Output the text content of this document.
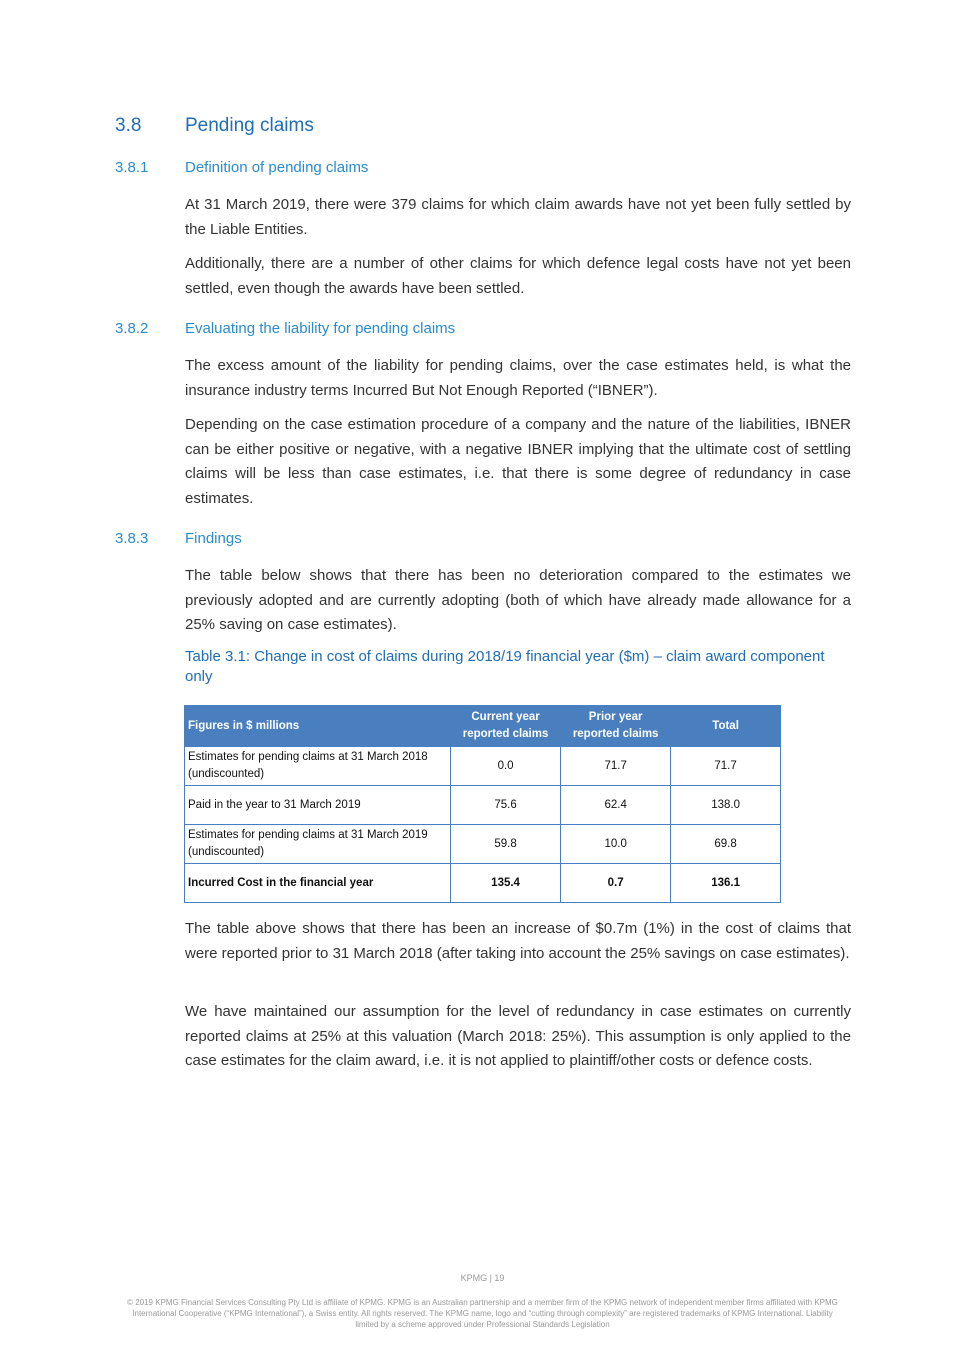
3.8 Pending claims
3.8.1 Definition of pending claims

At 31 March 2019, there were 379 claims for which claim awards have not yet been fully settled by the Liable Entities.

Additionally, there are a number of other claims for which defence legal costs have not yet been settled, even though the awards have been settled.

3.8.2 Evaluating the liability for pending claims

The excess amount of the liability for pending claims, over the case estimates held, is what the insurance industry terms Incurred But Not Enough Reported (“IBNER”).

Depending on the case estimation procedure of a company and the nature of the liabilities, IBNER can be either positive or negative, with a negative IBNER implying that the ultimate cost of settling claims will be less than case estimates, i.e. that there is some degree of redundancy in case estimates.

3.8.3 Findings

The table below shows that there has been no deterioration compared to the estimates we previously adopted and are currently adopting (both of which have already made allowance for a 25% saving on case estimates).

Table 3.1: Change in cost of claims during 2018/19 financial year ($m) – claim award component only
Figures in $ millions	Current year reported claims	Prior year reported claims	Total
Estimates for pending claims at 31 March 2018 (undiscounted)	0.0	71.7	71.7
Paid in the year to 31 March 2019	75.6	62.4	138.0
Estimates for pending claims at 31 March 2019 (undiscounted)	59.8	10.0	69.8
Incurred Cost in the financial year	135.4	0.7	136.1

The table above shows that there has been an increase of $0.7m (1%) in the cost of claims that were reported prior to 31 March 2018 (after taking into account the 25% savings on case estimates).

We have maintained our assumption for the level of redundancy in case estimates on currently reported claims at 25% at this valuation (March 2018: 25%). This assumption is only applied to the case estimates for the claim award, i.e. it is not applied to plaintiff/other costs or defence costs.

KPMG | 19
© 2019 KPMG Financial Services Consulting Pty Ltd is affiliate of KPMG. KPMG is an Australian partnership and a member firm of the KPMG network of independent member firms affiliated with KPMG International Cooperative (“KPMG International”), a Swiss entity. All rights reserved. The KPMG name, logo and “cutting through complexity” are registered trademarks of KPMG International. Liability limited by a scheme approved under Professional Standards Legislation
